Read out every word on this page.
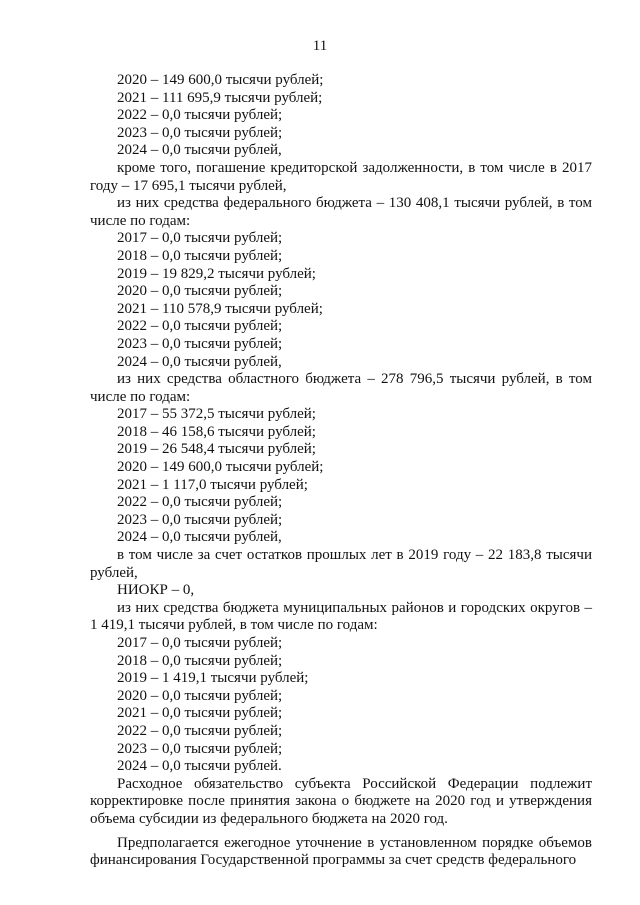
11
2020 – 149 600,0 тысячи рублей;
2021 – 111 695,9 тысячи рублей;
2022 – 0,0 тысячи рублей;
2023 – 0,0 тысячи рублей;
2024 – 0,0 тысячи рублей,
кроме того, погашение кредиторской задолженности, в том числе в 2017 году – 17 695,1 тысячи рублей,
из них средства федерального бюджета – 130 408,1 тысячи рублей, в том числе по годам:
2017 – 0,0 тысячи рублей;
2018 – 0,0 тысячи рублей;
2019 – 19 829,2 тысячи рублей;
2020 – 0,0 тысячи рублей;
2021 – 110 578,9 тысячи рублей;
2022 – 0,0 тысячи рублей;
2023 – 0,0 тысячи рублей;
2024 – 0,0 тысячи рублей,
из них средства областного бюджета – 278 796,5 тысячи рублей, в том числе по годам:
2017 – 55 372,5 тысячи рублей;
2018 – 46 158,6 тысячи рублей;
2019 – 26 548,4 тысячи рублей;
2020 – 149 600,0 тысячи рублей;
2021 – 1 117,0 тысячи рублей;
2022 – 0,0 тысячи рублей;
2023 – 0,0 тысячи рублей;
2024 – 0,0 тысячи рублей,
в том числе за счет остатков прошлых лет в 2019 году – 22 183,8 тысячи рублей,
НИОКР – 0,
из них средства бюджета муниципальных районов и городских округов – 1 419,1 тысячи рублей, в том числе по годам:
2017 – 0,0 тысячи рублей;
2018 – 0,0 тысячи рублей;
2019 – 1 419,1 тысячи рублей;
2020 – 0,0 тысячи рублей;
2021 – 0,0 тысячи рублей;
2022 – 0,0 тысячи рублей;
2023 – 0,0 тысячи рублей;
2024 – 0,0 тысячи рублей.
Расходное обязательство субъекта Российской Федерации подлежит корректировке после принятия закона о бюджете на 2020 год и утверждения объема субсидии из федерального бюджета на 2020 год.
Предполагается ежегодное уточнение в установленном порядке объемов финансирования Государственной программы за счет средств федерального
